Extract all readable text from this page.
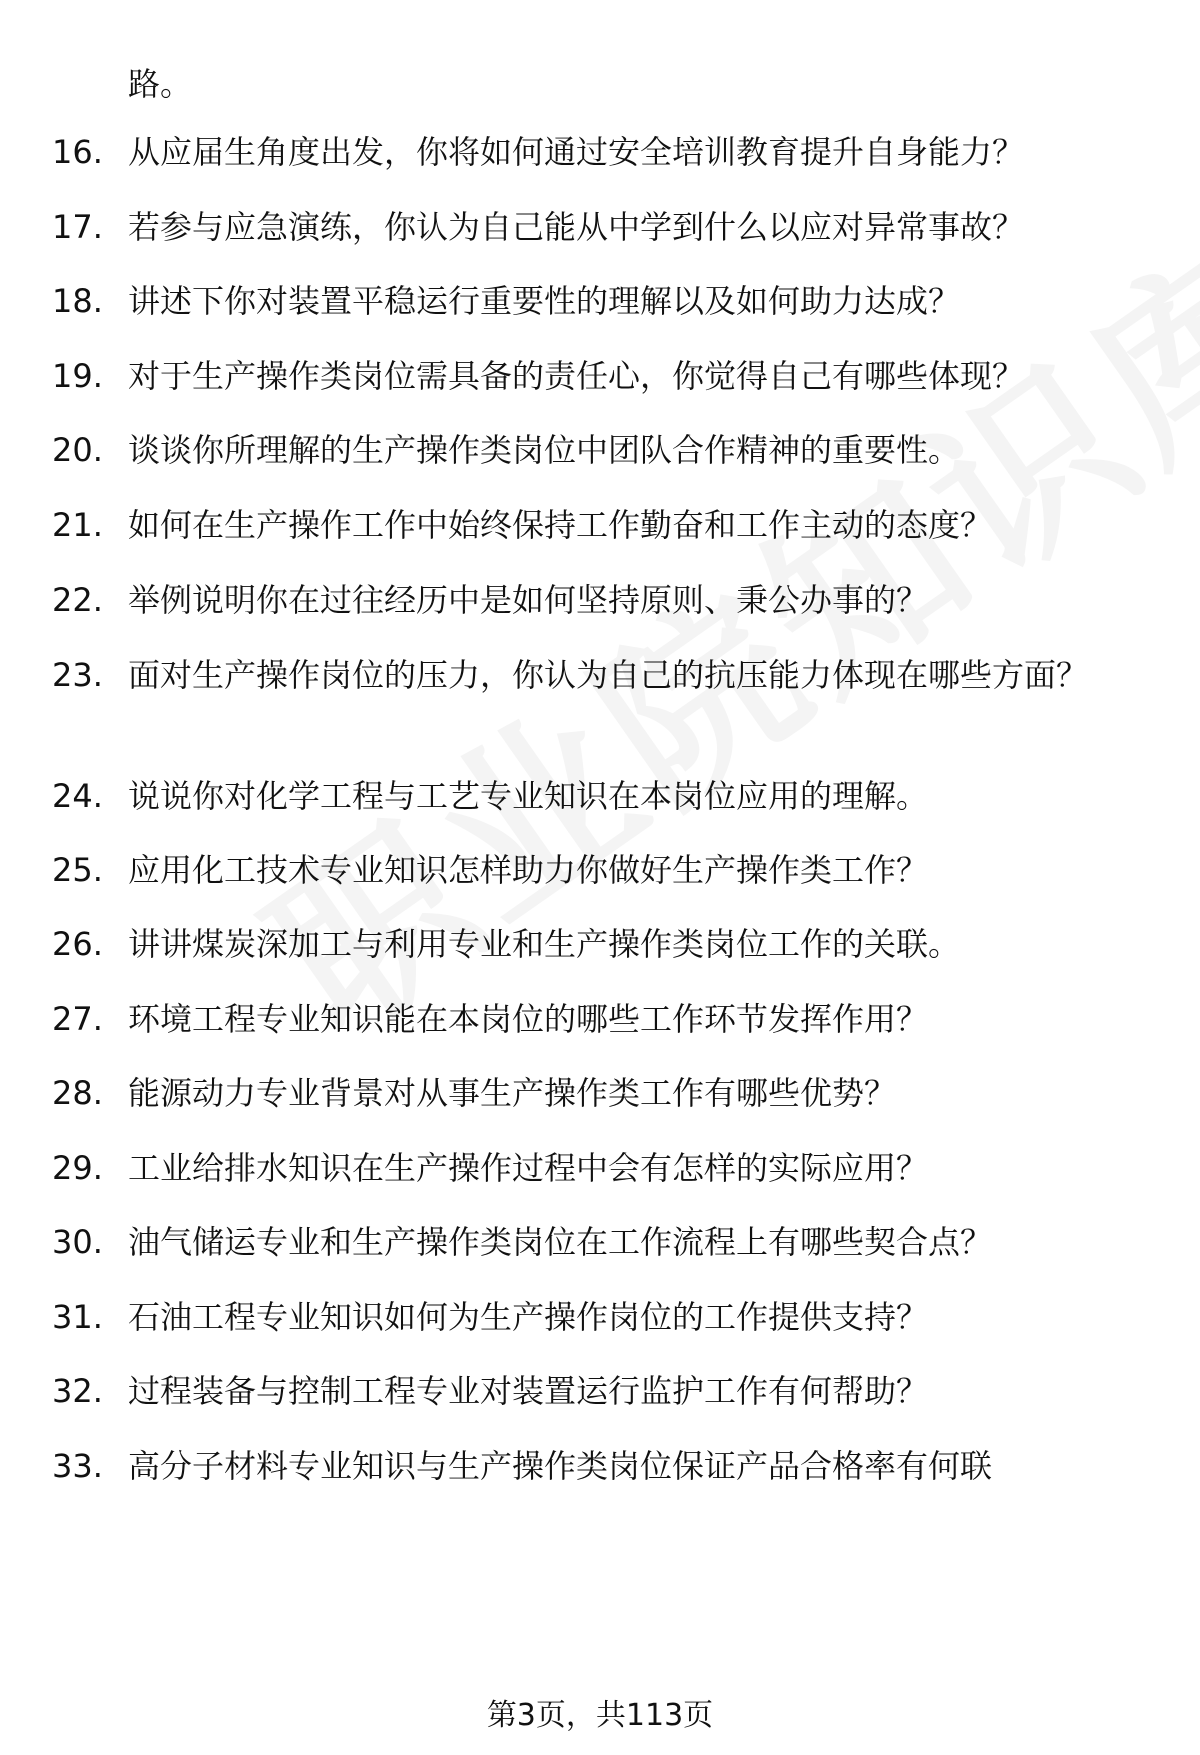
路。
16. 从应届生角度出发，你将如何通过安全培训教育提升自身能力？
17. 若参与应急演练，你认为自己能从中学到什么以应对异常事故？
18. 讲述下你对装置平稳运行重要性的理解以及如何助力达成？
19. 对于生产操作类岗位需具备的责任心，你觉得自己有哪些体现？
20. 谈谈你所理解的生产操作类岗位中团队合作精神的重要性。
21. 如何在生产操作工作中始终保持工作勤奋和工作主动的态度？
22. 举例说明你在过往经历中是如何坚持原则、秉公办事的？
23. 面对生产操作岗位的压力，你认为自己的抗压能力体现在哪些方面？
24. 说说你对化学工程与工艺专业知识在本岗位应用的理解。
25. 应用化工技术专业知识怎样助力你做好生产操作类工作？
26. 讲讲煤炭深加工与利用专业和生产操作类岗位工作的关联。
27. 环境工程专业知识能在本岗位的哪些工作环节发挥作用？
28. 能源动力专业背景对从事生产操作类工作有哪些优势？
29. 工业给排水知识在生产操作过程中会有怎样的实际应用？
30. 油气储运专业和生产操作类岗位在工作流程上有哪些契合点？
31. 石油工程专业知识如何为生产操作岗位的工作提供支持？
32. 过程装备与控制工程专业对装置运行监护工作有何帮助？
33. 高分子材料专业知识与生产操作类岗位保证产品合格率有何联
第3页，共113页
